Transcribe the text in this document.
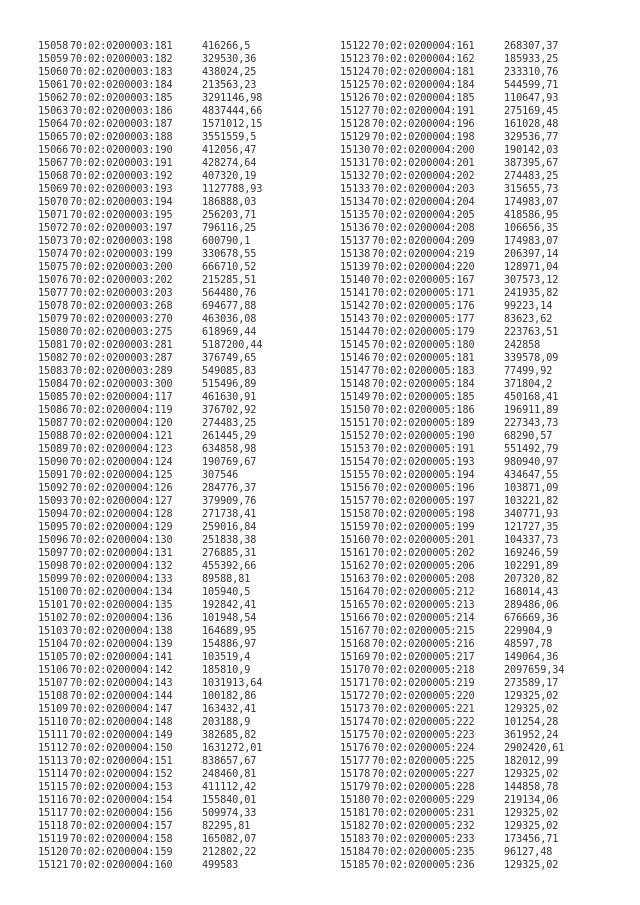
15058 70:02:0200003:181	416266,5
15059 70:02:0200003:182	329530,36
15060 70:02:0200003:183	438024,25
15061 70:02:0200003:184	213563,23
15062 70:02:0200003:185	3291146,98
15063 70:02:0200003:186	4837444,66
15064 70:02:0200003:187	1571012,15
15065 70:02:0200003:188	3551559,5
15066 70:02:0200003:190	412056,47
15067 70:02:0200003:191	428274,64
15068 70:02:0200003:192	407320,19
15069 70:02:0200003:193	1127788,93
15070 70:02:0200003:194	186888,03
15071 70:02:0200003:195	256203,71
15072 70:02:0200003:197	796116,25
15073 70:02:0200003:198	600790,1
15074 70:02:0200003:199	330678,55
15075 70:02:0200003:200	666710,52
15076 70:02:0200003:202	215285,51
15077 70:02:0200003:203	564480,76
15078 70:02:0200003:268	694677,88
15079 70:02:0200003:270	463036,08
15080 70:02:0200003:275	618969,44
15081 70:02:0200003:281	5187200,44
15082 70:02:0200003:287	376749,65
15083 70:02:0200003:289	549085,83
15084 70:02:0200003:300	515496,89
15085 70:02:0200004:117	461630,91
15086 70:02:0200004:119	376702,92
15087 70:02:0200004:120	274483,25
15088 70:02:0200004:121	261445,29
15089 70:02:0200004:123	634858,98
15090 70:02:0200004:124	190769,67
15091 70:02:0200004:125	307546
15092 70:02:0200004:126	284776,37
15093 70:02:0200004:127	379909,76
15094 70:02:0200004:128	271738,41
15095 70:02:0200004:129	259016,84
15096 70:02:0200004:130	251838,38
15097 70:02:0200004:131	276885,31
15098 70:02:0200004:132	455392,66
15099 70:02:0200004:133	89588,81
15100 70:02:0200004:134	105940,5
15101 70:02:0200004:135	192842,41
15102 70:02:0200004:136	101948,54
15103 70:02:0200004:138	164689,95
15104 70:02:0200004:139	154886,97
15105 70:02:0200004:141	103519,4
15106 70:02:0200004:142	185810,9
15107 70:02:0200004:143	1031913,64
15108 70:02:0200004:144	100182,86
15109 70:02:0200004:147	163432,41
15110 70:02:0200004:148	203188,9
15111 70:02:0200004:149	382685,82
15112 70:02:0200004:150	1631272,01
15113 70:02:0200004:151	838657,67
15114 70:02:0200004:152	248460,81
15115 70:02:0200004:153	411112,42
15116 70:02:0200004:154	155840,01
15117 70:02:0200004:156	509974,33
15118 70:02:0200004:157	82295,81
15119 70:02:0200004:158	165082,07
15120 70:02:0200004:159	212802,22
15121 70:02:0200004:160	499583
15122 70:02:0200004:161	268307,37
15123 70:02:0200004:162	185933,25
15124 70:02:0200004:181	233310,76
15125 70:02:0200004:184	544599,71
15126 70:02:0200004:185	110647,93
15127 70:02:0200004:191	275169,45
15128 70:02:0200004:196	161028,48
15129 70:02:0200004:198	329536,77
15130 70:02:0200004:200	190142,03
15131 70:02:0200004:201	387395,67
15132 70:02:0200004:202	274483,25
15133 70:02:0200004:203	315655,73
15134 70:02:0200004:204	174983,07
15135 70:02:0200004:205	418586,95
15136 70:02:0200004:208	106656,35
15137 70:02:0200004:209	174983,07
15138 70:02:0200004:219	206397,14
15139 70:02:0200004:220	128971,04
15140 70:02:0200005:167	307573,12
15141 70:02:0200005:171	241935,82
15142 70:02:0200005:176	99223,14
15143 70:02:0200005:177	83623,62
15144 70:02:0200005:179	223763,51
15145 70:02:0200005:180	242858
15146 70:02:0200005:181	339578,09
15147 70:02:0200005:183	77499,92
15148 70:02:0200005:184	371804,2
15149 70:02:0200005:185	450168,41
15150 70:02:0200005:186	196911,89
15151 70:02:0200005:189	227343,73
15152 70:02:0200005:190	68290,57
15153 70:02:0200005:191	551492,79
15154 70:02:0200005:193	980940,97
15155 70:02:0200005:194	434647,55
15156 70:02:0200005:196	103871,09
15157 70:02:0200005:197	103221,82
15158 70:02:0200005:198	340771,93
15159 70:02:0200005:199	121727,35
15160 70:02:0200005:201	104337,73
15161 70:02:0200005:202	169246,59
15162 70:02:0200005:206	102291,89
15163 70:02:0200005:208	207320,82
15164 70:02:0200005:212	168014,43
15165 70:02:0200005:213	289486,06
15166 70:02:0200005:214	676669,36
15167 70:02:0200005:215	229904,9
15168 70:02:0200005:216	48597,78
15169 70:02:0200005:217	149064,36
15170 70:02:0200005:218	2097659,34
15171 70:02:0200005:219	273589,17
15172 70:02:0200005:220	129325,02
15173 70:02:0200005:221	129325,02
15174 70:02:0200005:222	101254,28
15175 70:02:0200005:223	361952,24
15176 70:02:0200005:224	2902420,61
15177 70:02:0200005:225	182012,99
15178 70:02:0200005:227	129325,02
15179 70:02:0200005:228	144858,78
15180 70:02:0200005:229	219134,06
15181 70:02:0200005:231	129325,02
15182 70:02:0200005:232	129325,02
15183 70:02:0200005:233	173456,71
15184 70:02:0200005:235	96127,48
15185 70:02:0200005:236	129325,02
